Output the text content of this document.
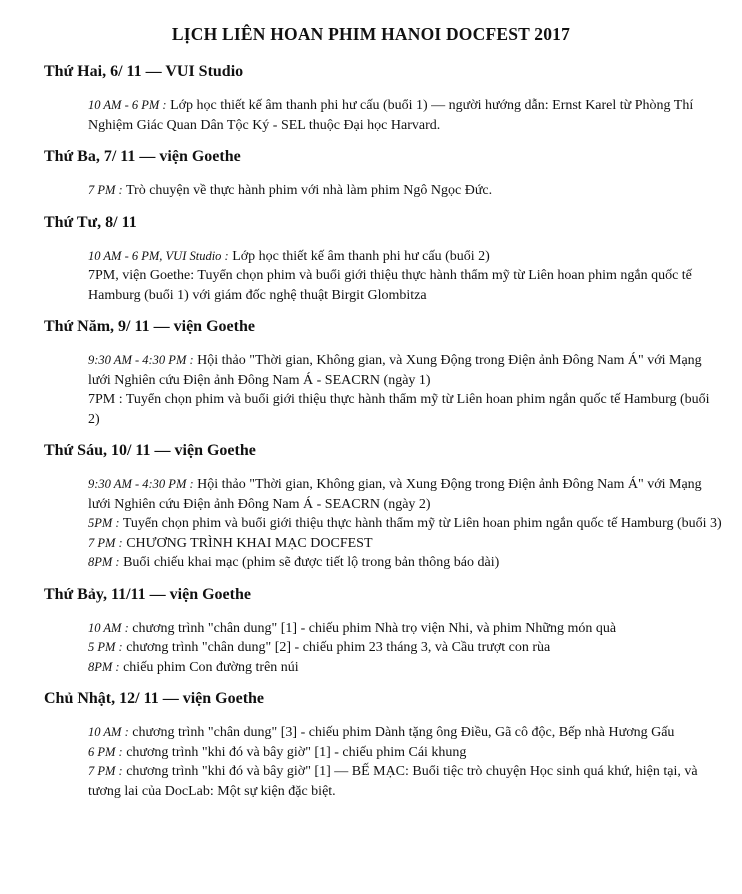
LỊCH LIÊN HOAN PHIM HANOI DOCFEST 2017
Thứ Hai, 6/ 11 — VUI Studio

10 AM - 6 PM : Lớp học thiết kế âm thanh phi hư cấu (buổi 1) — người hướng dẫn: Ernst Karel từ Phòng Thí Nghiệm Giác Quan Dân Tộc Ký - SEL thuộc Đại học Harvard.

Thứ Ba, 7/ 11 — viện Goethe

7 PM : Trò chuyện về thực hành phim với nhà làm phim Ngô Ngọc Đức.

Thứ Tư, 8/ 11

10 AM - 6 PM, VUI Studio : Lớp học thiết kế âm thanh phi hư cấu (buổi 2)

7PM, viện Goethe: Tuyển chọn phim và buổi giới thiệu thực hành thẩm mỹ từ Liên hoan phim ngắn quốc tế Hamburg (buổi 1) với giám đốc nghệ thuật Birgit Glombitza

Thứ Năm, 9/ 11 — viện Goethe

9:30 AM - 4:30 PM : Hội thảo "Thời gian, Không gian, và Xung Động trong Điện ảnh Đông Nam Á" với Mạng lưới Nghiên cứu Điện ảnh Đông Nam Á - SEACRN (ngày 1)

7PM : Tuyển chọn phim và buổi giới thiệu thực hành thẩm mỹ từ Liên hoan phim ngắn quốc tế Hamburg (buổi 2)

Thứ Sáu, 10/ 11 — viện Goethe

9:30 AM - 4:30 PM : Hội thảo "Thời gian, Không gian, và Xung Động trong Điện ảnh Đông Nam Á" với Mạng lưới Nghiên cứu Điện ảnh Đông Nam Á - SEACRN (ngày 2)

5PM : Tuyển chọn phim và buổi giới thiệu thực hành thẩm mỹ từ Liên hoan phim ngắn quốc tế Hamburg (buổi 3)

7 PM : CHƯƠNG TRÌNH KHAI MẠC DOCFEST

8PM : Buổi chiếu khai mạc (phim sẽ được tiết lộ trong bản thông báo dài)

Thứ Bảy, 11/11 — viện Goethe

10 AM : chương trình "chân dung" [1] - chiếu phim Nhà trọ viện Nhi, và phim Những món quà

5 PM : chương trình "chân dung" [2] - chiếu phim 23 tháng 3, và Cầu trượt con rùa

8PM : chiếu phim Con đường trên núi

Chủ Nhật, 12/ 11 — viện Goethe

10 AM : chương trình "chân dung" [3] - chiếu phim Dành tặng ông Điều, Gã cô độc, Bếp nhà Hương Gấu

6 PM : chương trình "khi đó và bây giờ" [1] - chiếu phim Cái khung

7 PM : chương trình "khi đó và bây giờ" [1] — BẾ MẠC: Buổi tiệc trò chuyện Học sinh quá khứ, hiện tại, và tương lai của DocLab: Một sự kiện đặc biệt.
